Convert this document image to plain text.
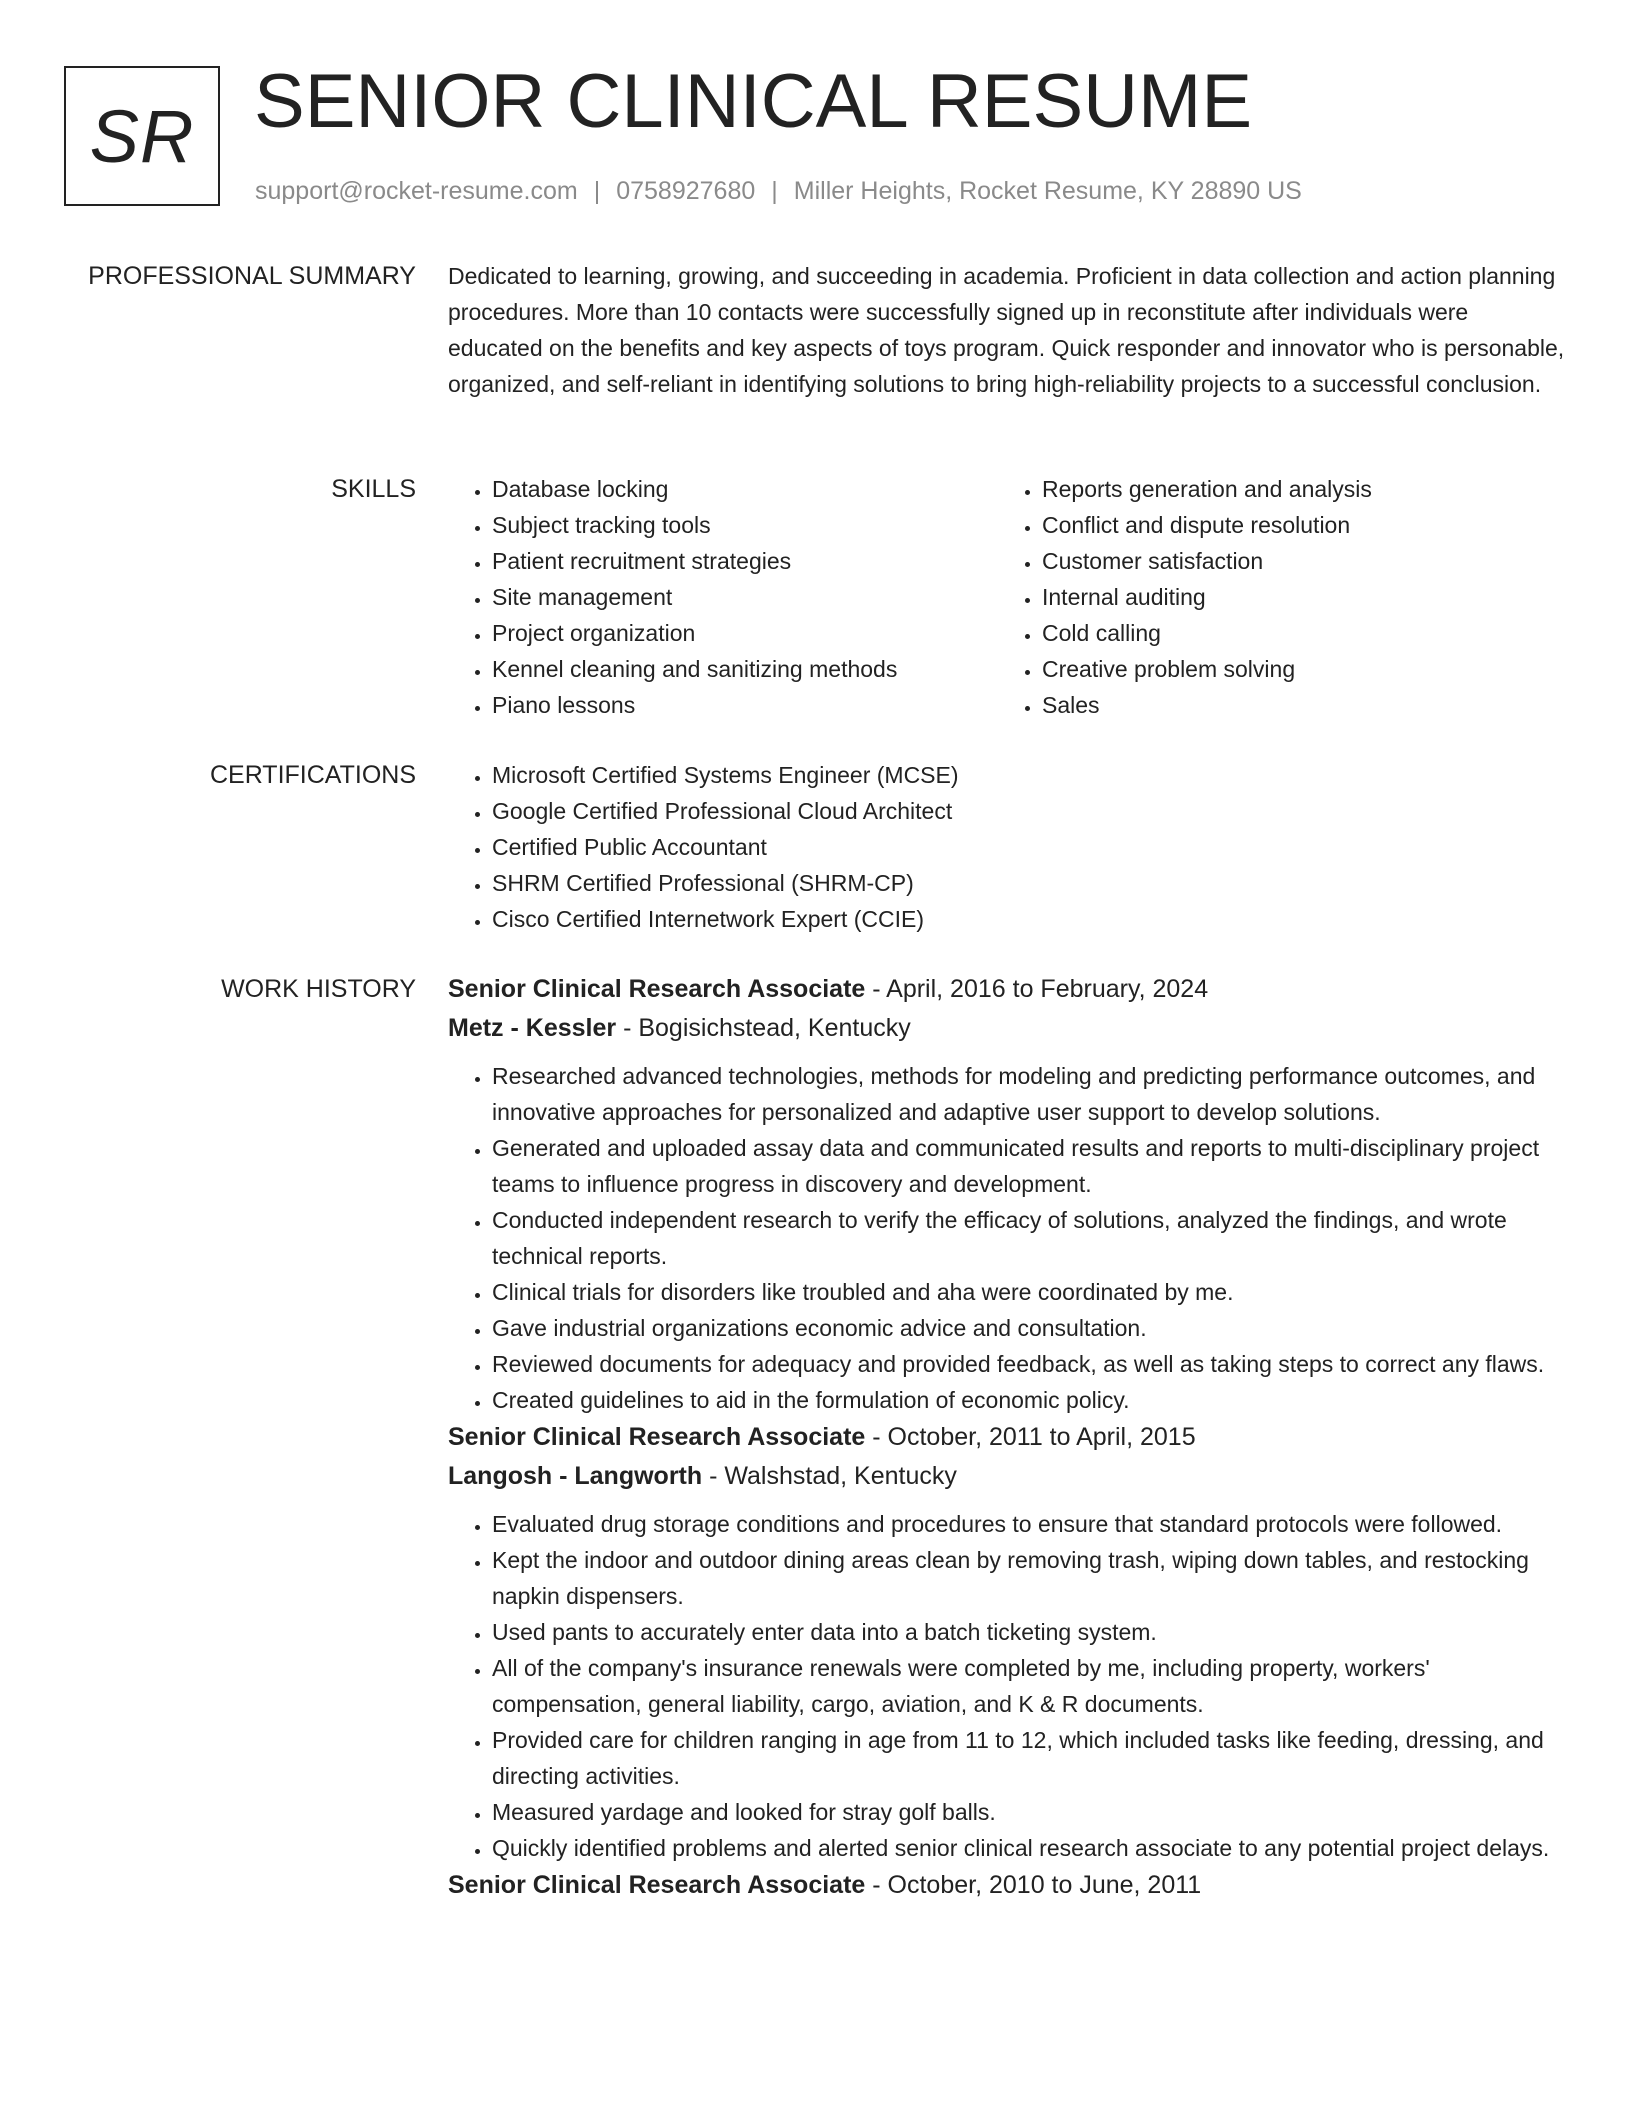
SR SENIOR CLINICAL RESUME
support@rocket-resume.com | 0758927680 | Miller Heights, Rocket Resume, KY 28890 US
PROFESSIONAL SUMMARY Dedicated to learning, growing, and succeeding in academia. Proficient in data collection and action planning procedures. More than 10 contacts were successfully signed up in reconstitute after individuals were educated on the benefits and key aspects of toys program. Quick responder and innovator who is personable, organized, and self-reliant in identifying solutions to bring high-reliability projects to a successful conclusion.

SKILLS	• Database locking
• Subject tracking tools
• Patient recruitment strategies
• Site management
• Project organization
• Kennel cleaning and sanitizing methods
• Piano lessons
• Reports generation and analysis
• Conflict and dispute resolution
• Customer satisfaction
• Internal auditing
• Cold calling
• Creative problem solving
• Sales
CERTIFICATIONS	• Microsoft Certified Systems Engineer (MCSE)
• Google Certified Professional Cloud Architect
• Certified Public Accountant
• SHRM Certified Professional (SHRM-CP)
• Cisco Certified Internetwork Expert (CCIE)
WORK HISTORY Senior Clinical Research Associate - April, 2016 to February, 2024
Metz - Kessler - Bogisichstead, Kentucky
• Researched advanced technologies, methods for modeling and predicting performance outcomes, and innovative approaches for personalized and adaptive user support to develop solutions.
• Generated and uploaded assay data and communicated results and reports to multi-disciplinary project teams to influence progress in discovery and development.
• Conducted independent research to verify the efficacy of solutions, analyzed the findings, and wrote technical reports.
• Clinical trials for disorders like troubled and aha were coordinated by me.
• Gave industrial organizations economic advice and consultation.
• Reviewed documents for adequacy and provided feedback, as well as taking steps to correct any flaws.
• Created guidelines to aid in the formulation of economic policy.
Senior Clinical Research Associate - October, 2011 to April, 2015
Langosh - Langworth - Walshstad, Kentucky
• Evaluated drug storage conditions and procedures to ensure that standard protocols were followed.
• Kept the indoor and outdoor dining areas clean by removing trash, wiping down tables, and restocking napkin dispensers.
• Used pants to accurately enter data into a batch ticketing system.
• All of the company's insurance renewals were completed by me, including property, workers' compensation, general liability, cargo, aviation, and K & R documents.
• Provided care for children ranging in age from 11 to 12, which included tasks like feeding, dressing, and directing activities.
• Measured yardage and looked for stray golf balls.
• Quickly identified problems and alerted senior clinical research associate to any potential project delays.
Senior Clinical Research Associate - October, 2010 to June, 2011
